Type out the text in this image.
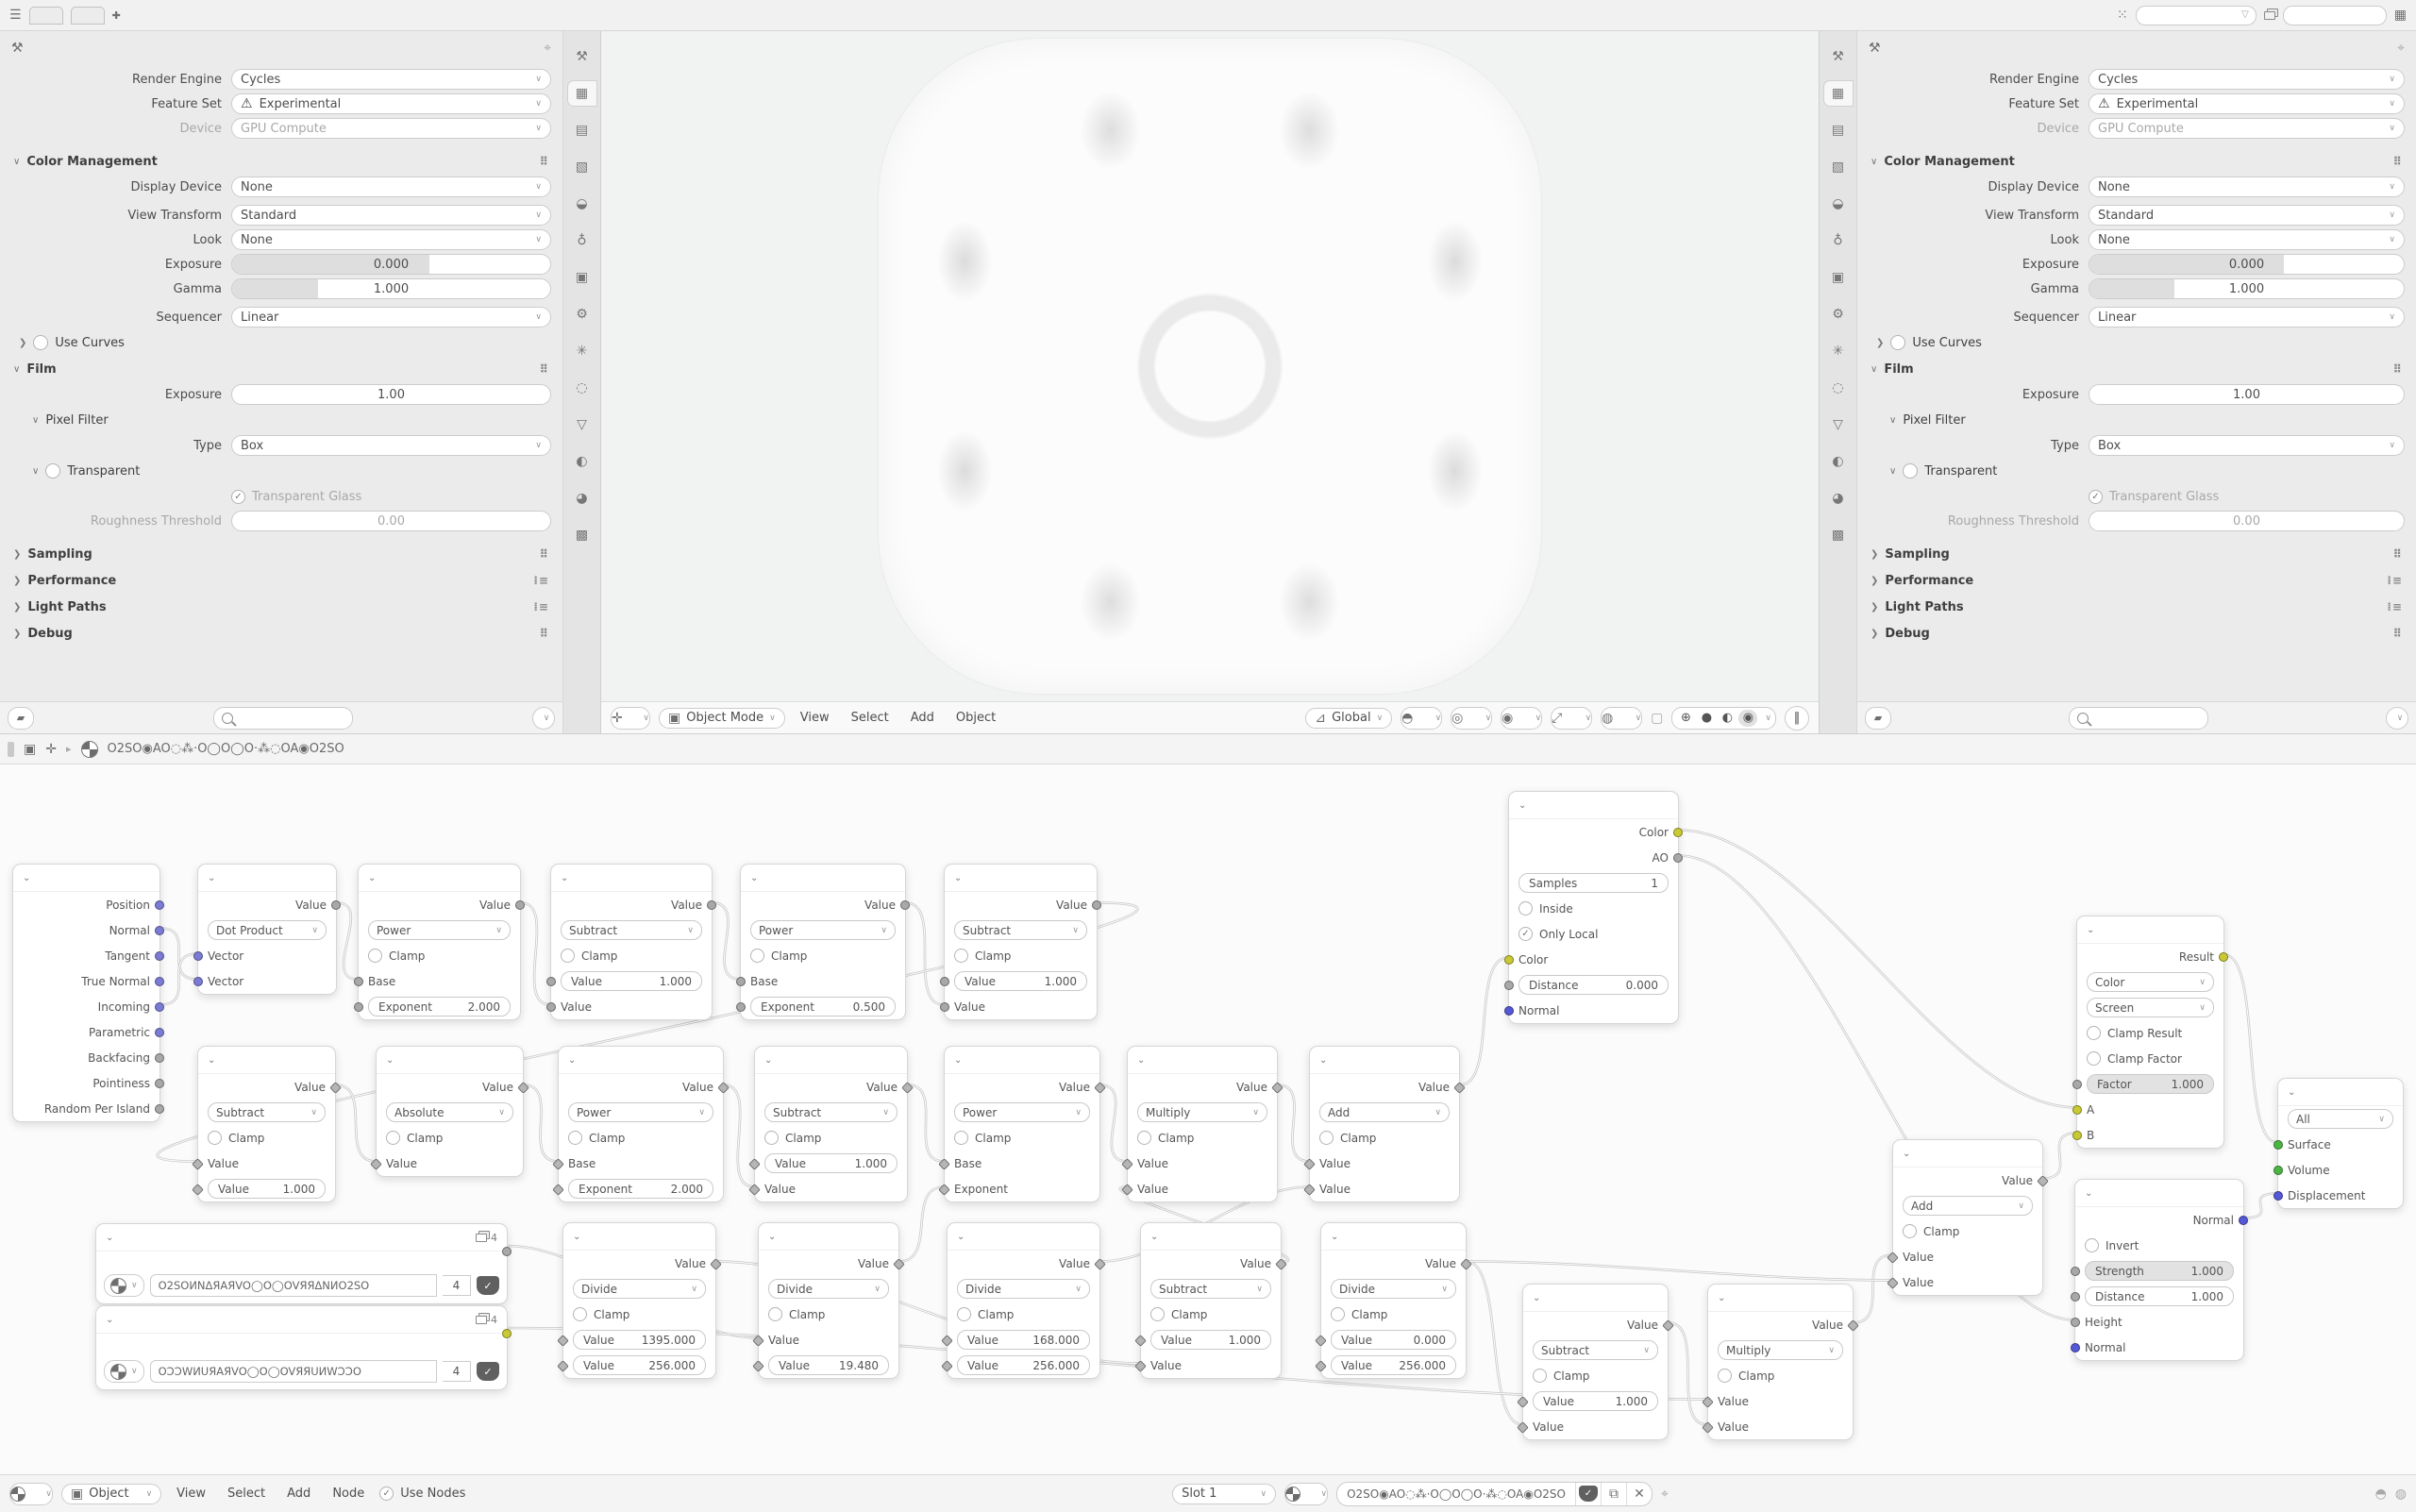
☰	✚	⁙	▽	▦
⚒	⌖
Render Engine	Cycles	∨
Feature Set	⚠ Experimental	∨
Device	GPU Compute	∨
∨ Color Management	⠿
Display Device	None	∨
View Transform	Standard	∨
Look	None	∨
Exposure	0.000
Gamma	1.000
Sequencer	Linear	∨
❯ Use Curves
∨ Film	⠿
Exposure	1.00
∨ Pixel Filter
Type	Box	∨
∨ Transparent
✓ Transparent Glass
Roughness Threshold	0.00
❯ Sampling	⠿
❯ Performance	⁞≡
❯ Light Paths	⁞≡
❯ Debug	⠿
▰	∨
⚒
▦
▤
▧
◒
♁
▣
⚙
✳
◌
▽
◐
◕
▩
✛	∨ ▣ Object Mode ∨	View	Select	Add	Object	⊿ Global ∨ ◓	∨ ◎	∨ ◉	∨ ⤢	∨ ◍	∨ ▢	⊕ ● ◐ ◉	∨	‖
⚒
▦
▤
▧
◒
♁
▣
⚙
✳
◌
▽
◐
◕
▩
⚒	⌖
Render Engine	Cycles	∨
Feature Set	⚠ Experimental	∨
Device	GPU Compute	∨
∨ Color Management	⠿
Display Device	None	∨
View Transform	Standard	∨
Look	None	∨
Exposure	0.000
Gamma	1.000
Sequencer	Linear	∨
❯ Use Curves
∨ Film	⠿
Exposure	1.00
∨ Pixel Filter
Type	Box	∨
∨ Transparent
✓ Transparent Glass
Roughness Threshold	0.00
❯ Sampling	⠿
❯ Performance	⁞≡
❯ Light Paths	⁞≡
❯ Debug	⠿
▰	∨
▣ ✛ ▸	O2SO◉AO◌⁂·O◯O◯O·⁂◌OA◉O2SO
⌄
Position
Normal
Tangent
True Normal
Incoming
Parametric
Backfacing
Pointiness
Random Per Island
⌄
Value
Dot Product	∨
Vector
Vector
⌄
Value
Power	∨
Clamp
Base
Exponent	2.000
⌄
Value
Subtract	∨
Clamp
Value	1.000
Value
⌄
Value
Power	∨
Clamp
Base
Exponent	0.500
⌄
Value
Subtract	∨
Clamp
Value	1.000
Value
⌄
Value
Subtract	∨
Clamp
Value
Value	1.000
⌄
Value
Absolute	∨
Clamp
Value
⌄
Value
Power	∨
Clamp
Base
Exponent	2.000
⌄
Value
Subtract	∨
Clamp
Value	1.000
Value
⌄
Value
Power	∨
Clamp
Base
Exponent
⌄
Value
Multiply	∨
Clamp
Value
Value
⌄
Value
Add	∨
Clamp
Value
Value
⌄	4
∨	O2SOИNΔЯAЯVO◯O◯OVЯЯΔNИO2SO	4	✓
⌄	4
∨	OƆƆWИUЯAЯVO◯O◯OVЯЯUИWƆƆO	4	✓
⌄
Value
Divide	∨
Clamp
Value 1395.000
Value	256.000
⌄
Value
Divide	∨
Clamp
Value
Value	19.480
⌄
Value
Divide	∨
Clamp
Value	168.000
Value	256.000
⌄
Value
Subtract	∨
Clamp
Value	1.000
Value
⌄
Value
Divide	∨
Clamp
Value	0.000
Value 256.000
⌄
Value
Subtract	∨
Clamp
Value	1.000
Value
⌄
Value
Multiply	∨
Clamp
Value
Value
⌄
Color
AO
Samples	1
Inside
✓ Only Local
Color
Distance	0.000
Normal
⌄
Value
Add	∨
Clamp
Value
Value
⌄
Result
Color	∨
Screen	∨
Clamp Result
Clamp Factor
Factor	1.000
A
B
⌄
Normal
Invert
Strength	1.000
Distance	1.000
Height
Normal
⌄
All	∨
Surface
Volume
Displacement
∨ ▣ Object	∨	View	Select	Add	Node	✓ Use Nodes	Slot 1	∨	∨	O2SO◉AO◌⁂·O◯O◯O·⁂◌OA◉O2SO	✓	⧉	✕	⌖	◓ ◍
